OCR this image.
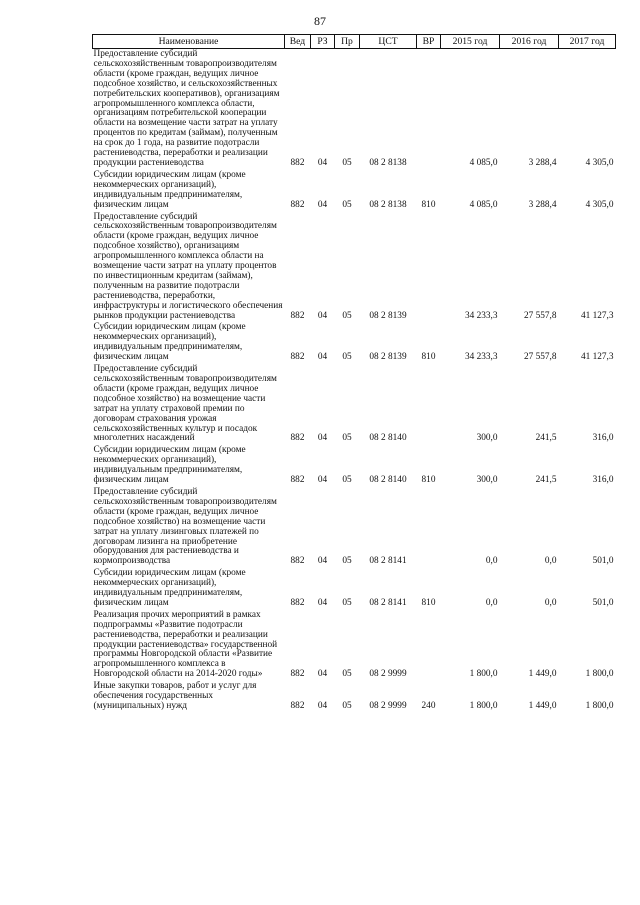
87
Наименование	Вед	РЗ	Пр	ЦСТ	ВР	2015 год	2016 год	2017 год
Предоставление субсидий сельскохозяйственным товаропроизводителям области (кроме граждан, ведущих личное подсобное хозяйство, и сельскохозяйственных потребительских кооперативов), организациям агропромышленного комплекса области, организациям потребительской кооперации области на возмещение части затрат на уплату процентов по кредитам (займам), полученным на срок до 1 года, на развитие подотрасли растениеводства, переработки и реализации продукции растениеводства	882	04	05	08 2 8138		4 085,0	3 288,4	4 305,0
Субсидии юридическим лицам (кроме некоммерческих организаций), индивидуальным предпринимателям, физическим лицам	882	04	05	08 2 8138	810	4 085,0	3 288,4	4 305,0
Предоставление субсидий сельскохозяйственным товаропроизводителям области (кроме граждан, ведущих личное подсобное хозяйство), организациям агропромышленного комплекса области на возмещение части затрат на уплату процентов по инвестиционным кредитам (займам), полученным на развитие подотрасли растениеводства, переработки, инфраструктуры и логистического обеспечения рынков продукции растениеводства	882	04	05	08 2 8139		34 233,3	27 557,8	41 127,3
Субсидии юридическим лицам (кроме некоммерческих организаций), индивидуальным предпринимателям, физическим лицам	882	04	05	08 2 8139	810	34 233,3	27 557,8	41 127,3
Предоставление субсидий сельскохозяйственным товаропроизводителям области (кроме граждан, ведущих личное подсобное хозяйство) на возмещение части затрат на уплату страховой премии по договорам страхования урожая сельскохозяйственных культур и посадок многолетних насаждений	882	04	05	08 2 8140		300,0	241,5	316,0
Субсидии юридическим лицам (кроме некоммерческих организаций), индивидуальным предпринимателям, физическим лицам	882	04	05	08 2 8140	810	300,0	241,5	316,0
Предоставление субсидий сельскохозяйственным товаропроизводителям области (кроме граждан, ведущих личное подсобное хозяйство) на возмещение части затрат на уплату лизинговых платежей по договорам лизинга на приобретение оборудования для растениеводства и кормопроизводства	882	04	05	08 2 8141		0,0	0,0	501,0
Субсидии юридическим лицам (кроме некоммерческих организаций), индивидуальным предпринимателям, физическим лицам	882	04	05	08 2 8141	810	0,0	0,0	501,0
Реализация прочих мероприятий в рамках подпрограммы «Развитие подотрасли растениеводства, переработки и реализации продукции растениеводства» государственной программы Новгородской области «Развитие агропромышленного комплекса в Новгородской области на 2014-2020 годы»	882	04	05	08 2 9999		1 800,0	1 449,0	1 800,0
Иные закупки товаров, работ и услуг для обеспечения государственных (муниципальных) нужд	882	04	05	08 2 9999	240	1 800,0	1 449,0	1 800,0
